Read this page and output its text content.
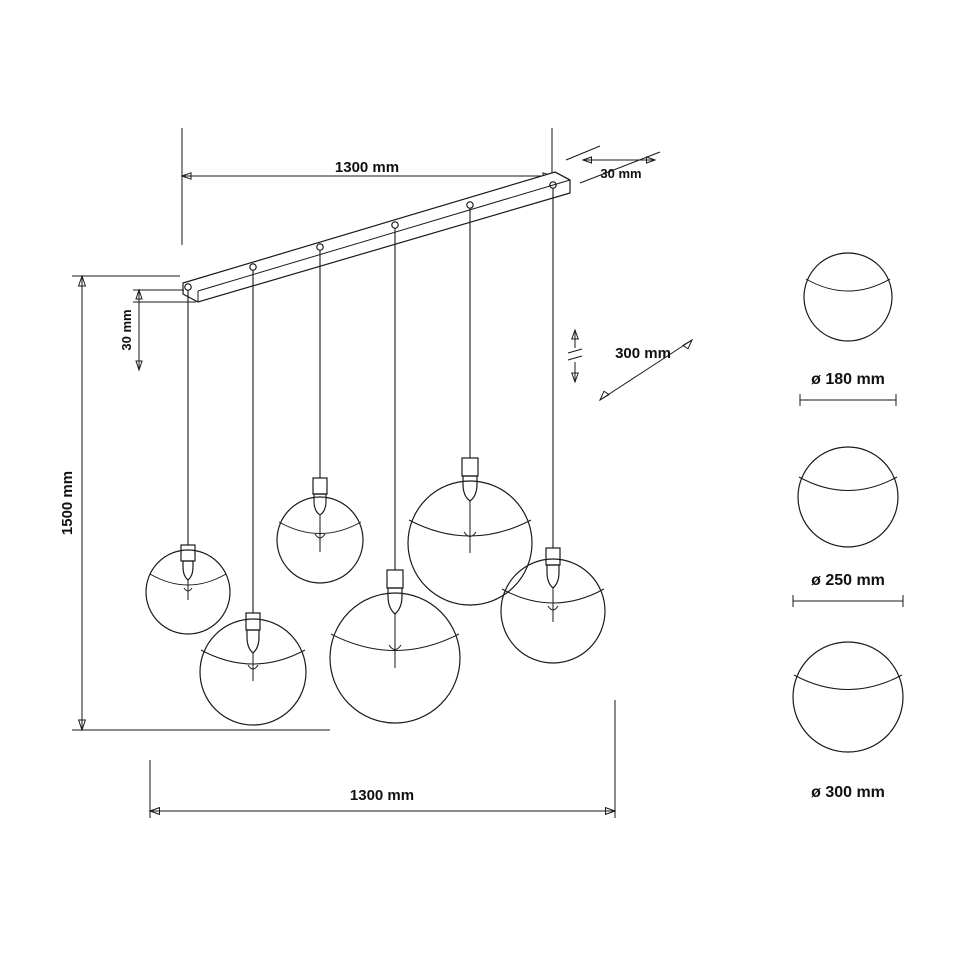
1300 mm	30 mm
30 mm
1500 mm
300 mm
1300 mm
ø 180 mm
ø 250 mm
ø 300 mm
